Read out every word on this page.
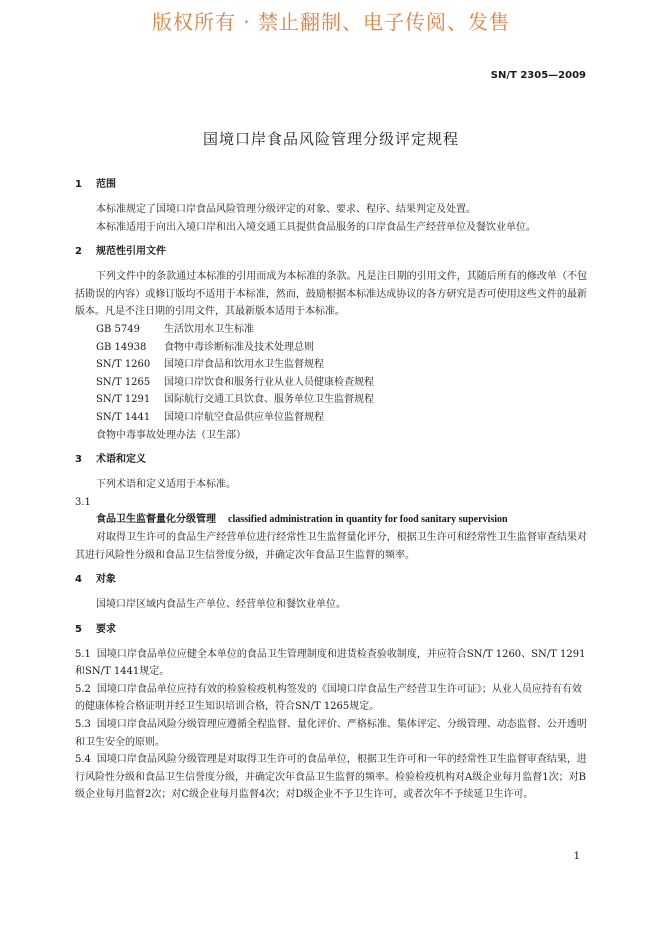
版权所有 · 禁止翻制、电子传阅、发售
SN/T 2305—2009
国境口岸食品风险管理分级评定规程
1 范围
本标准规定了国境口岸食品风险管理分级评定的对象、要求、程序、结果判定及处置。
本标准适用于向出入境口岸和出入境交通工具提供食品服务的口岸食品生产经营单位及餐饮业单位。
2 规范性引用文件
下列文件中的条款通过本标准的引用而成为本标准的条款。凡是注日期的引用文件，其随后所有的修改单（不包括勘误的内容）或修订版均不适用于本标准，然而，鼓励根据本标准达成协议的各方研究是否可使用这些文件的最新版本。凡是不注日期的引用文件，其最新版本适用于本标准。
GB 5749 生活饮用水卫生标准
GB 14938 食物中毒诊断标准及技术处理总则
SN/T 1260 国境口岸食品和饮用水卫生监督规程
SN/T 1265 国境口岸饮食和服务行业从业人员健康检查规程
SN/T 1291 国际航行交通工具饮食、服务单位卫生监督规程
SN/T 1441 国境口岸航空食品供应单位监督规程
食物中毒事故处理办法（卫生部）
3 术语和定义
下列术语和定义适用于本标准。
3.1
食品卫生监督量化分级管理 classified administration in quantity for food sanitary supervision
对取得卫生许可的食品生产经营单位进行经常性卫生监督量化评分，根据卫生许可和经常性卫生监督审查结果对其进行风险性分级和食品卫生信誉度分级，并确定次年食品卫生监督的频率。
4 对象
国境口岸区域内食品生产单位、经营单位和餐饮业单位。
5 要求
5.1 国境口岸食品单位应健全本单位的食品卫生管理制度和进货检查验收制度，并应符合SN/T 1260、SN/T 1291和SN/T 1441规定。
5.2 国境口岸食品单位应持有效的检验检疫机构签发的《国境口岸食品生产经营卫生许可证》；从业人员应持有有效的健康体检合格证明并经卫生知识培训合格，符合SN/T 1265规定。
5.3 国境口岸食品风险分级管理应遵循全程监督、量化评价、严格标准、集体评定、分级管理、动态监督、公开透明和卫生安全的原则。
5.4 国境口岸食品风险分级管理是对取得卫生许可的食品单位，根据卫生许可和一年的经常性卫生监督审查结果，进行风险性分级和食品卫生信誉度分级，并确定次年食品卫生监督的频率。检验检疫机构对A级企业每月监督1次；对B级企业每月监督2次；对C级企业每月监督4次；对D级企业不予卫生许可，或者次年不予续延卫生许可。
1
